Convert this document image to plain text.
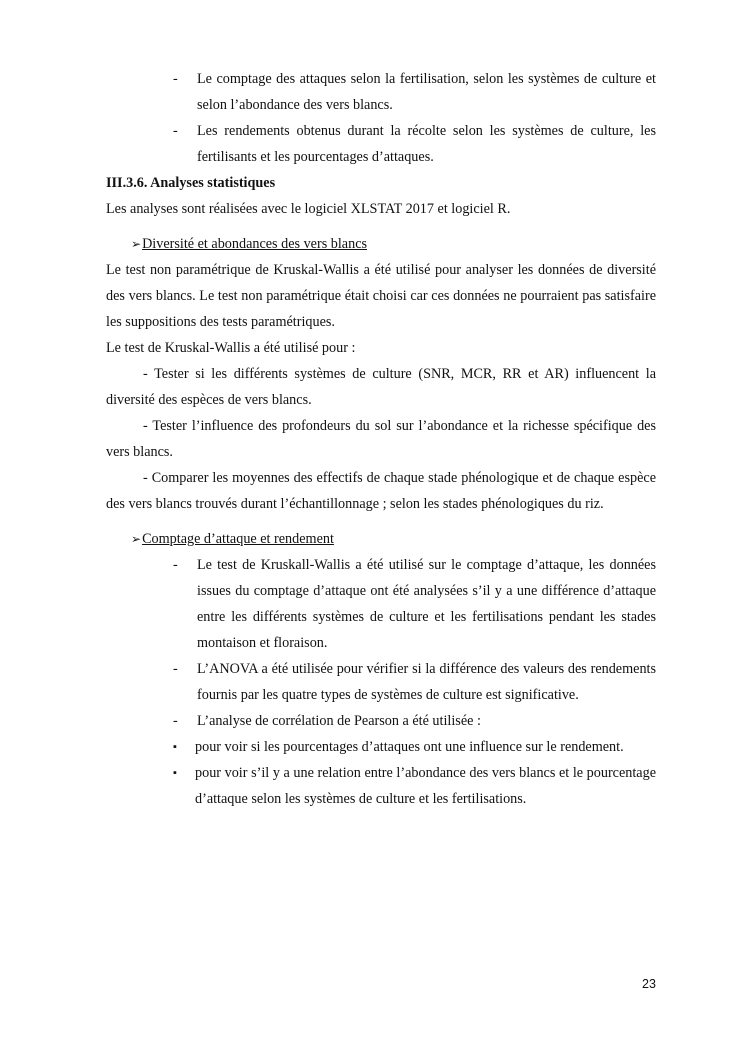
- Le comptage des attaques selon la fertilisation, selon les systèmes de culture et selon l’abondance des vers blancs.
- Les rendements obtenus durant la récolte selon les systèmes de culture, les fertilisants et les pourcentages d’attaques.

III.3.6. Analyses statistiques

Les analyses sont réalisées avec le logiciel XLSTAT 2017 et logiciel R.

➢Diversité et abondances des vers blancs

Le test non paramétrique de Kruskal-Wallis a été utilisé pour analyser les données de diversité des vers blancs. Le test non paramétrique était choisi car ces données ne pourraient pas satisfaire les suppositions des tests paramétriques.

Le test de Kruskal-Wallis a été utilisé pour :

- Tester si les différents systèmes de culture (SNR, MCR, RR et AR) influencent la diversité des espèces de vers blancs.

- Tester l’influence des profondeurs du sol sur l’abondance et la richesse spécifique des vers blancs.

- Comparer les moyennes des effectifs de chaque stade phénologique et de chaque espèce des vers blancs trouvés durant l’échantillonnage ; selon les stades phénologiques du riz.

➢Comptage d’attaque et rendement

- Le test de Kruskall-Wallis a été utilisé sur le comptage d’attaque, les données issues du comptage d’attaque ont été analysées s’il y a une différence d’attaque entre les différents systèmes de culture et les fertilisations pendant les stades montaison et floraison.
- L’ANOVA a été utilisée pour vérifier si la différence des valeurs des rendements fournis par les quatre types de systèmes de culture est significative.
- L’analyse de corrélation de Pearson a été utilisée :
▪ pour voir si les pourcentages d’attaques ont une influence sur le rendement.
▪ pour voir s’il y a une relation entre l’abondance des vers blancs et le pourcentage d’attaque selon les systèmes de culture et les fertilisations.
23
